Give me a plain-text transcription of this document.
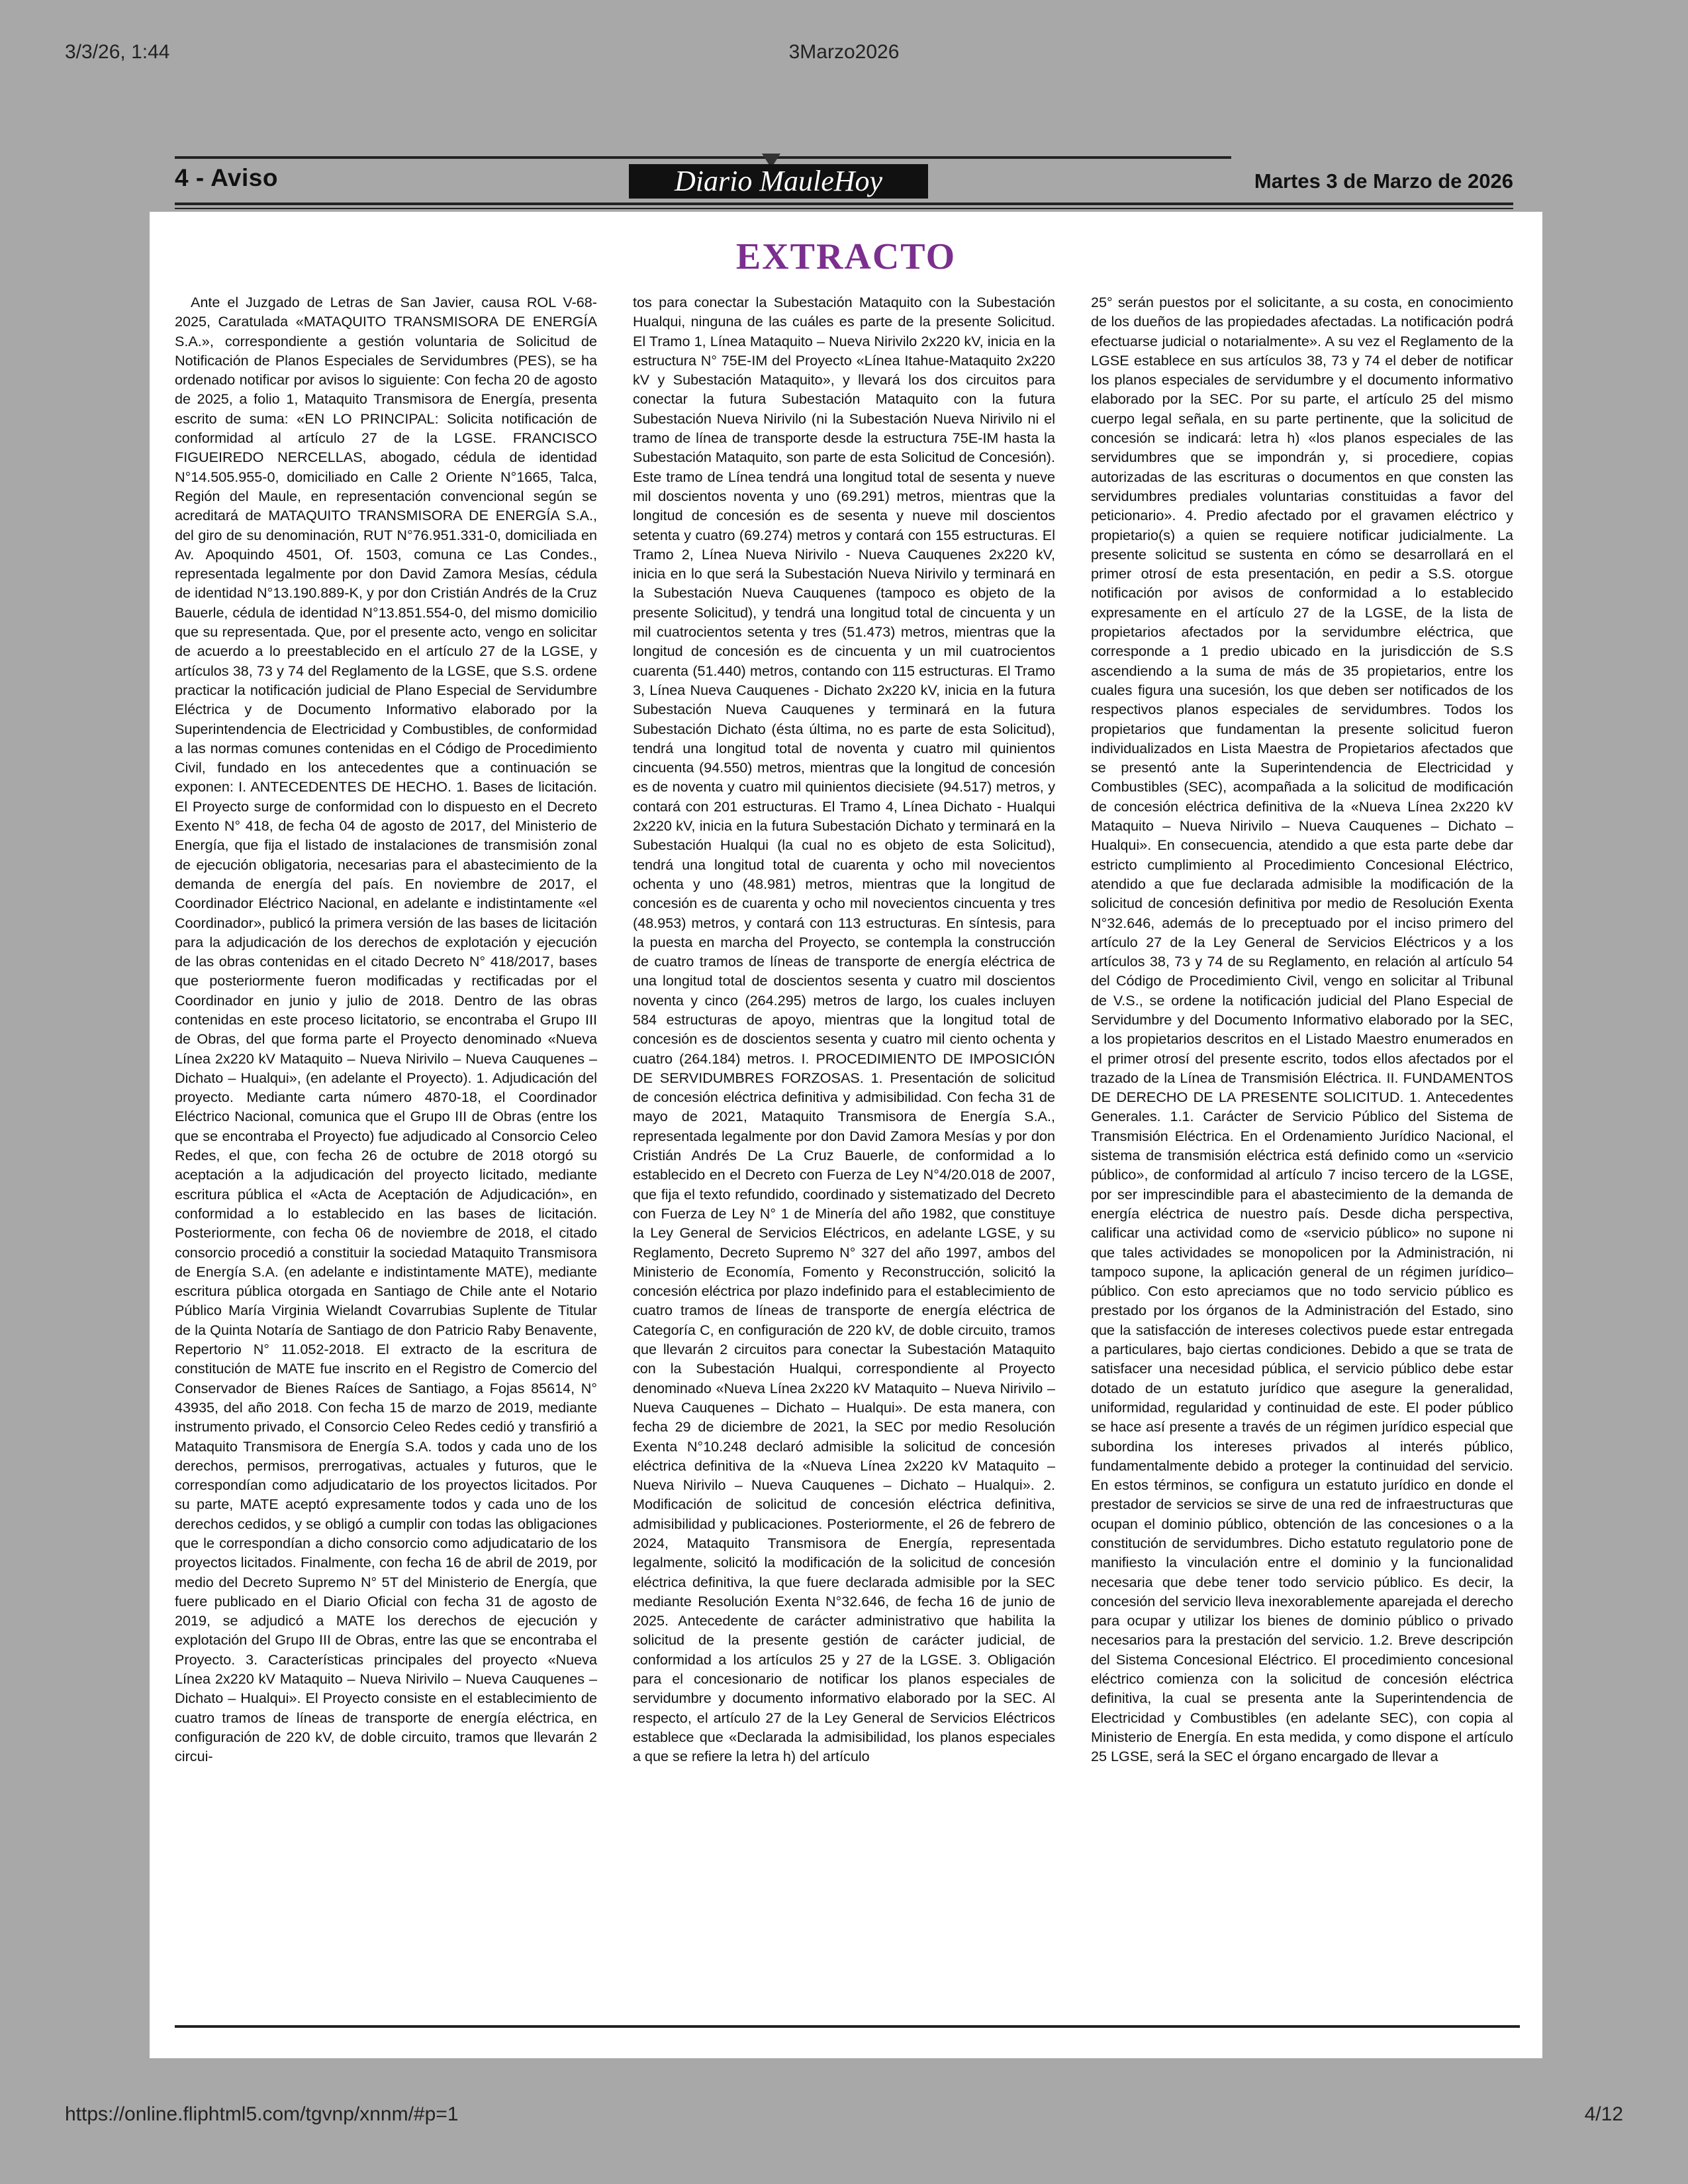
3/3/26, 1:44	3Marzo2026
4 - Aviso	Diario MauleHoy	Martes 3 de Marzo de 2026
EXTRACTO

Ante el Juzgado de Letras de San Javier, causa ROL V-68-2025, Caratulada «MATAQUITO TRANSMISORA DE ENERGÍA S.A.», correspondiente a gestión voluntaria de Solicitud de Notificación de Planos Especiales de Servidumbres (PES), se ha ordenado notificar por avisos lo siguiente: Con fecha 20 de agosto de 2025, a folio 1, Mataquito Transmisora de Energía, presenta escrito de suma: «EN LO PRINCIPAL: Solicita notificación de conformidad al artículo 27 de la LGSE. FRANCISCO FIGUEIREDO NERCELLAS, abogado, cédula de identidad N°14.505.955-0, domiciliado en Calle 2 Oriente N°1665, Talca, Región del Maule, en representación convencional según se acreditará de MATAQUITO TRANSMISORA DE ENERGÍA S.A., del giro de su denominación, RUT N°76.951.331-0, domiciliada en Av. Apoquindo 4501, Of. 1503, comuna ce Las Condes., representada legalmente por don David Zamora Mesías, cédula de identidad N°13.190.889-K, y por don Cristián Andrés de la Cruz Bauerle, cédula de identidad N°13.851.554-0, del mismo domicilio que su representada. Que, por el presente acto, vengo en solicitar de acuerdo a lo preestablecido en el artículo 27 de la LGSE, y artículos 38, 73 y 74 del Reglamento de la LGSE, que S.S. ordene practicar la notificación judicial de Plano Especial de Servidumbre Eléctrica y de Documento Informativo elaborado por la Superintendencia de Electricidad y Combustibles, de conformidad a las normas comunes contenidas en el Código de Procedimiento Civil, fundado en los antecedentes que a continuación se exponen: I. ANTECEDENTES DE HECHO. 1. Bases de licitación. El Proyecto surge de conformidad con lo dispuesto en el Decreto Exento N° 418, de fecha 04 de agosto de 2017, del Ministerio de Energía, que fija el listado de instalaciones de transmisión zonal de ejecución obligatoria, necesarias para el abastecimiento de la demanda de energía del país. En noviembre de 2017, el Coordinador Eléctrico Nacional, en adelante e indistintamente «el Coordinador», publicó la primera versión de las bases de licitación para la adjudicación de los derechos de explotación y ejecución de las obras contenidas en el citado Decreto N° 418/2017, bases que posteriormente fueron modificadas y rectificadas por el Coordinador en junio y julio de 2018. Dentro de las obras contenidas en este proceso licitatorio, se encontraba el Grupo III de Obras, del que forma parte el Proyecto denominado «Nueva Línea 2x220 kV Mataquito – Nueva Nirivilo – Nueva Cauquenes – Dichato – Hualqui», (en adelante el Proyecto). 1. Adjudicación del proyecto. Mediante carta número 4870-18, el Coordinador Eléctrico Nacional, comunica que el Grupo III de Obras (entre los que se encontraba el Proyecto) fue adjudicado al Consorcio Celeo Redes, el que, con fecha 26 de octubre de 2018 otorgó su aceptación a la adjudicación del proyecto licitado, mediante escritura pública el «Acta de Aceptación de Adjudicación», en conformidad a lo establecido en las bases de licitación. Posteriormente, con fecha 06 de noviembre de 2018, el citado consorcio procedió a constituir la sociedad Mataquito Transmisora de Energía S.A. (en adelante e indistintamente MATE), mediante escritura pública otorgada en Santiago de Chile ante el Notario Público María Virginia Wielandt Covarrubias Suplente de Titular de la Quinta Notaría de Santiago de don Patricio Raby Benavente, Repertorio N° 11.052-2018. El extracto de la escritura de constitución de MATE fue inscrito en el Registro de Comercio del Conservador de Bienes Raíces de Santiago, a Fojas 85614, N° 43935, del año 2018. Con fecha 15 de marzo de 2019, mediante instrumento privado, el Consorcio Celeo Redes cedió y transfirió a Mataquito Transmisora de Energía S.A. todos y cada uno de los derechos, permisos, prerrogativas, actuales y futuros, que le correspondían como adjudicatario de los proyectos licitados. Por su parte, MATE aceptó expresamente todos y cada uno de los derechos cedidos, y se obligó a cumplir con todas las obligaciones que le correspondían a dicho consorcio como adjudicatario de los proyectos licitados. Finalmente, con fecha 16 de abril de 2019, por medio del Decreto Supremo N° 5T del Ministerio de Energía, que fuere publicado en el Diario Oficial con fecha 31 de agosto de 2019, se adjudicó a MATE los derechos de ejecución y explotación del Grupo III de Obras, entre las que se encontraba el Proyecto. 3. Características principales del proyecto «Nueva Línea 2x220 kV Mataquito – Nueva Nirivilo – Nueva Cauquenes – Dichato – Hualqui». El Proyecto consiste en el establecimiento de cuatro tramos de líneas de transporte de energía eléctrica, en configuración de 220 kV, de doble circuito, tramos que llevarán 2 circui-

tos para conectar la Subestación Mataquito con la Subestación Hualqui, ninguna de las cuáles es parte de la presente Solicitud. El Tramo 1, Línea Mataquito – Nueva Nirivilo 2x220 kV, inicia en la estructura N° 75E-IM del Proyecto «Línea Itahue-Mataquito 2x220 kV y Subestación Mataquito», y llevará los dos circuitos para conectar la futura Subestación Mataquito con la futura Subestación Nueva Nirivilo (ni la Subestación Nueva Nirivilo ni el tramo de línea de transporte desde la estructura 75E-IM hasta la Subestación Mataquito, son parte de esta Solicitud de Concesión). Este tramo de Línea tendrá una longitud total de sesenta y nueve mil doscientos noventa y uno (69.291) metros, mientras que la longitud de concesión es de sesenta y nueve mil doscientos setenta y cuatro (69.274) metros y contará con 155 estructuras. El Tramo 2, Línea Nueva Nirivilo - Nueva Cauquenes 2x220 kV, inicia en lo que será la Subestación Nueva Nirivilo y terminará en la Subestación Nueva Cauquenes (tampoco es objeto de la presente Solicitud), y tendrá una longitud total de cincuenta y un mil cuatrocientos setenta y tres (51.473) metros, mientras que la longitud de concesión es de cincuenta y un mil cuatrocientos cuarenta (51.440) metros, contando con 115 estructuras. El Tramo 3, Línea Nueva Cauquenes - Dichato 2x220 kV, inicia en la futura Subestación Nueva Cauquenes y terminará en la futura Subestación Dichato (ésta última, no es parte de esta Solicitud), tendrá una longitud total de noventa y cuatro mil quinientos cincuenta (94.550) metros, mientras que la longitud de concesión es de noventa y cuatro mil quinientos diecisiete (94.517) metros, y contará con 201 estructuras. El Tramo 4, Línea Dichato - Hualqui 2x220 kV, inicia en la futura Subestación Dichato y terminará en la Subestación Hualqui (la cual no es objeto de esta Solicitud), tendrá una longitud total de cuarenta y ocho mil novecientos ochenta y uno (48.981) metros, mientras que la longitud de concesión es de cuarenta y ocho mil novecientos cincuenta y tres (48.953) metros, y contará con 113 estructuras. En síntesis, para la puesta en marcha del Proyecto, se contempla la construcción de cuatro tramos de líneas de transporte de energía eléctrica de una longitud total de doscientos sesenta y cuatro mil doscientos noventa y cinco (264.295) metros de largo, los cuales incluyen 584 estructuras de apoyo, mientras que la longitud total de concesión es de doscientos sesenta y cuatro mil ciento ochenta y cuatro (264.184) metros. I. PROCEDIMIENTO DE IMPOSICIÓN DE SERVIDUMBRES FORZOSAS. 1. Presentación de solicitud de concesión eléctrica definitiva y admisibilidad. Con fecha 31 de mayo de 2021, Mataquito Transmisora de Energía S.A., representada legalmente por don David Zamora Mesías y por don Cristián Andrés De La Cruz Bauerle, de conformidad a lo establecido en el Decreto con Fuerza de Ley N°4/20.018 de 2007, que fija el texto refundido, coordinado y sistematizado del Decreto con Fuerza de Ley N° 1 de Minería del año 1982, que constituye la Ley General de Servicios Eléctricos, en adelante LGSE, y su Reglamento, Decreto Supremo N° 327 del año 1997, ambos del Ministerio de Economía, Fomento y Reconstrucción, solicitó la concesión eléctrica por plazo indefinido para el establecimiento de cuatro tramos de líneas de transporte de energía eléctrica de Categoría C, en configuración de 220 kV, de doble circuito, tramos que llevarán 2 circuitos para conectar la Subestación Mataquito con la Subestación Hualqui, correspondiente al Proyecto denominado «Nueva Línea 2x220 kV Mataquito – Nueva Nirivilo – Nueva Cauquenes – Dichato – Hualqui». De esta manera, con fecha 29 de diciembre de 2021, la SEC por medio Resolución Exenta N°10.248 declaró admisible la solicitud de concesión eléctrica definitiva de la «Nueva Línea 2x220 kV Mataquito – Nueva Nirivilo – Nueva Cauquenes – Dichato – Hualqui». 2. Modificación de solicitud de concesión eléctrica definitiva, admisibilidad y publicaciones. Posteriormente, el 26 de febrero de 2024, Mataquito Transmisora de Energía, representada legalmente, solicitó la modificación de la solicitud de concesión eléctrica definitiva, la que fuere declarada admisible por la SEC mediante Resolución Exenta N°32.646, de fecha 16 de junio de 2025. Antecedente de carácter administrativo que habilita la solicitud de la presente gestión de carácter judicial, de conformidad a los artículos 25 y 27 de la LGSE. 3. Obligación para el concesionario de notificar los planos especiales de servidumbre y documento informativo elaborado por la SEC. Al respecto, el artículo 27 de la Ley General de Servicios Eléctricos establece que «Declarada la admisibilidad, los planos especiales a que se refiere la letra h) del artículo

25° serán puestos por el solicitante, a su costa, en conocimiento de los dueños de las propiedades afectadas. La notificación podrá efectuarse judicial o notarialmente». A su vez el Reglamento de la LGSE establece en sus artículos 38, 73 y 74 el deber de notificar los planos especiales de servidumbre y el documento informativo elaborado por la SEC. Por su parte, el artículo 25 del mismo cuerpo legal señala, en su parte pertinente, que la solicitud de concesión se indicará: letra h) «los planos especiales de las servidumbres que se impondrán y, si procediere, copias autorizadas de las escrituras o documentos en que consten las servidumbres prediales voluntarias constituidas a favor del peticionario». 4. Predio afectado por el gravamen eléctrico y propietario(s) a quien se requiere notificar judicialmente. La presente solicitud se sustenta en cómo se desarrollará en el primer otrosí de esta presentación, en pedir a S.S. otorgue notificación por avisos de conformidad a lo establecido expresamente en el artículo 27 de la LGSE, de la lista de propietarios afectados por la servidumbre eléctrica, que corresponde a 1 predio ubicado en la jurisdicción de S.S ascendiendo a la suma de más de 35 propietarios, entre los cuales figura una sucesión, los que deben ser notificados de los respectivos planos especiales de servidumbres. Todos los propietarios que fundamentan la presente solicitud fueron individualizados en Lista Maestra de Propietarios afectados que se presentó ante la Superintendencia de Electricidad y Combustibles (SEC), acompañada a la solicitud de modificación de concesión eléctrica definitiva de la «Nueva Línea 2x220 kV Mataquito – Nueva Nirivilo – Nueva Cauquenes – Dichato – Hualqui». En consecuencia, atendido a que esta parte debe dar estricto cumplimiento al Procedimiento Concesional Eléctrico, atendido a que fue declarada admisible la modificación de la solicitud de concesión definitiva por medio de Resolución Exenta N°32.646, además de lo preceptuado por el inciso primero del artículo 27 de la Ley General de Servicios Eléctricos y a los artículos 38, 73 y 74 de su Reglamento, en relación al artículo 54 del Código de Procedimiento Civil, vengo en solicitar al Tribunal de V.S., se ordene la notificación judicial del Plano Especial de Servidumbre y del Documento Informativo elaborado por la SEC, a los propietarios descritos en el Listado Maestro enumerados en el primer otrosí del presente escrito, todos ellos afectados por el trazado de la Línea de Transmisión Eléctrica. II. FUNDAMENTOS DE DERECHO DE LA PRESENTE SOLICITUD. 1. Antecedentes Generales. 1.1. Carácter de Servicio Público del Sistema de Transmisión Eléctrica. En el Ordenamiento Jurídico Nacional, el sistema de transmisión eléctrica está definido como un «servicio público», de conformidad al artículo 7 inciso tercero de la LGSE, por ser imprescindible para el abastecimiento de la demanda de energía eléctrica de nuestro país. Desde dicha perspectiva, calificar una actividad como de «servicio público» no supone ni que tales actividades se monopolicen por la Administración, ni tampoco supone, la aplicación general de un régimen jurídico–público. Con esto apreciamos que no todo servicio público es prestado por los órganos de la Administración del Estado, sino que la satisfacción de intereses colectivos puede estar entregada a particulares, bajo ciertas condiciones. Debido a que se trata de satisfacer una necesidad pública, el servicio público debe estar dotado de un estatuto jurídico que asegure la generalidad, uniformidad, regularidad y continuidad de este. El poder público se hace así presente a través de un régimen jurídico especial que subordina los intereses privados al interés público, fundamentalmente debido a proteger la continuidad del servicio. En estos términos, se configura un estatuto jurídico en donde el prestador de servicios se sirve de una red de infraestructuras que ocupan el dominio público, obtención de las concesiones o a la constitución de servidumbres. Dicho estatuto regulatorio pone de manifiesto la vinculación entre el dominio y la funcionalidad necesaria que debe tener todo servicio público. Es decir, la concesión del servicio lleva inexorablemente aparejada el derecho para ocupar y utilizar los bienes de dominio público o privado necesarios para la prestación del servicio. 1.2. Breve descripción del Sistema Concesional Eléctrico. El procedimiento concesional eléctrico comienza con la solicitud de concesión eléctrica definitiva, la cual se presenta ante la Superintendencia de Electricidad y Combustibles (en adelante SEC), con copia al Ministerio de Energía. En esta medida, y como dispone el artículo 25 LGSE, será la SEC el órgano encargado de llevar a

https://online.fliphtml5.com/tgvnp/xnnm/#p=1	4/12
